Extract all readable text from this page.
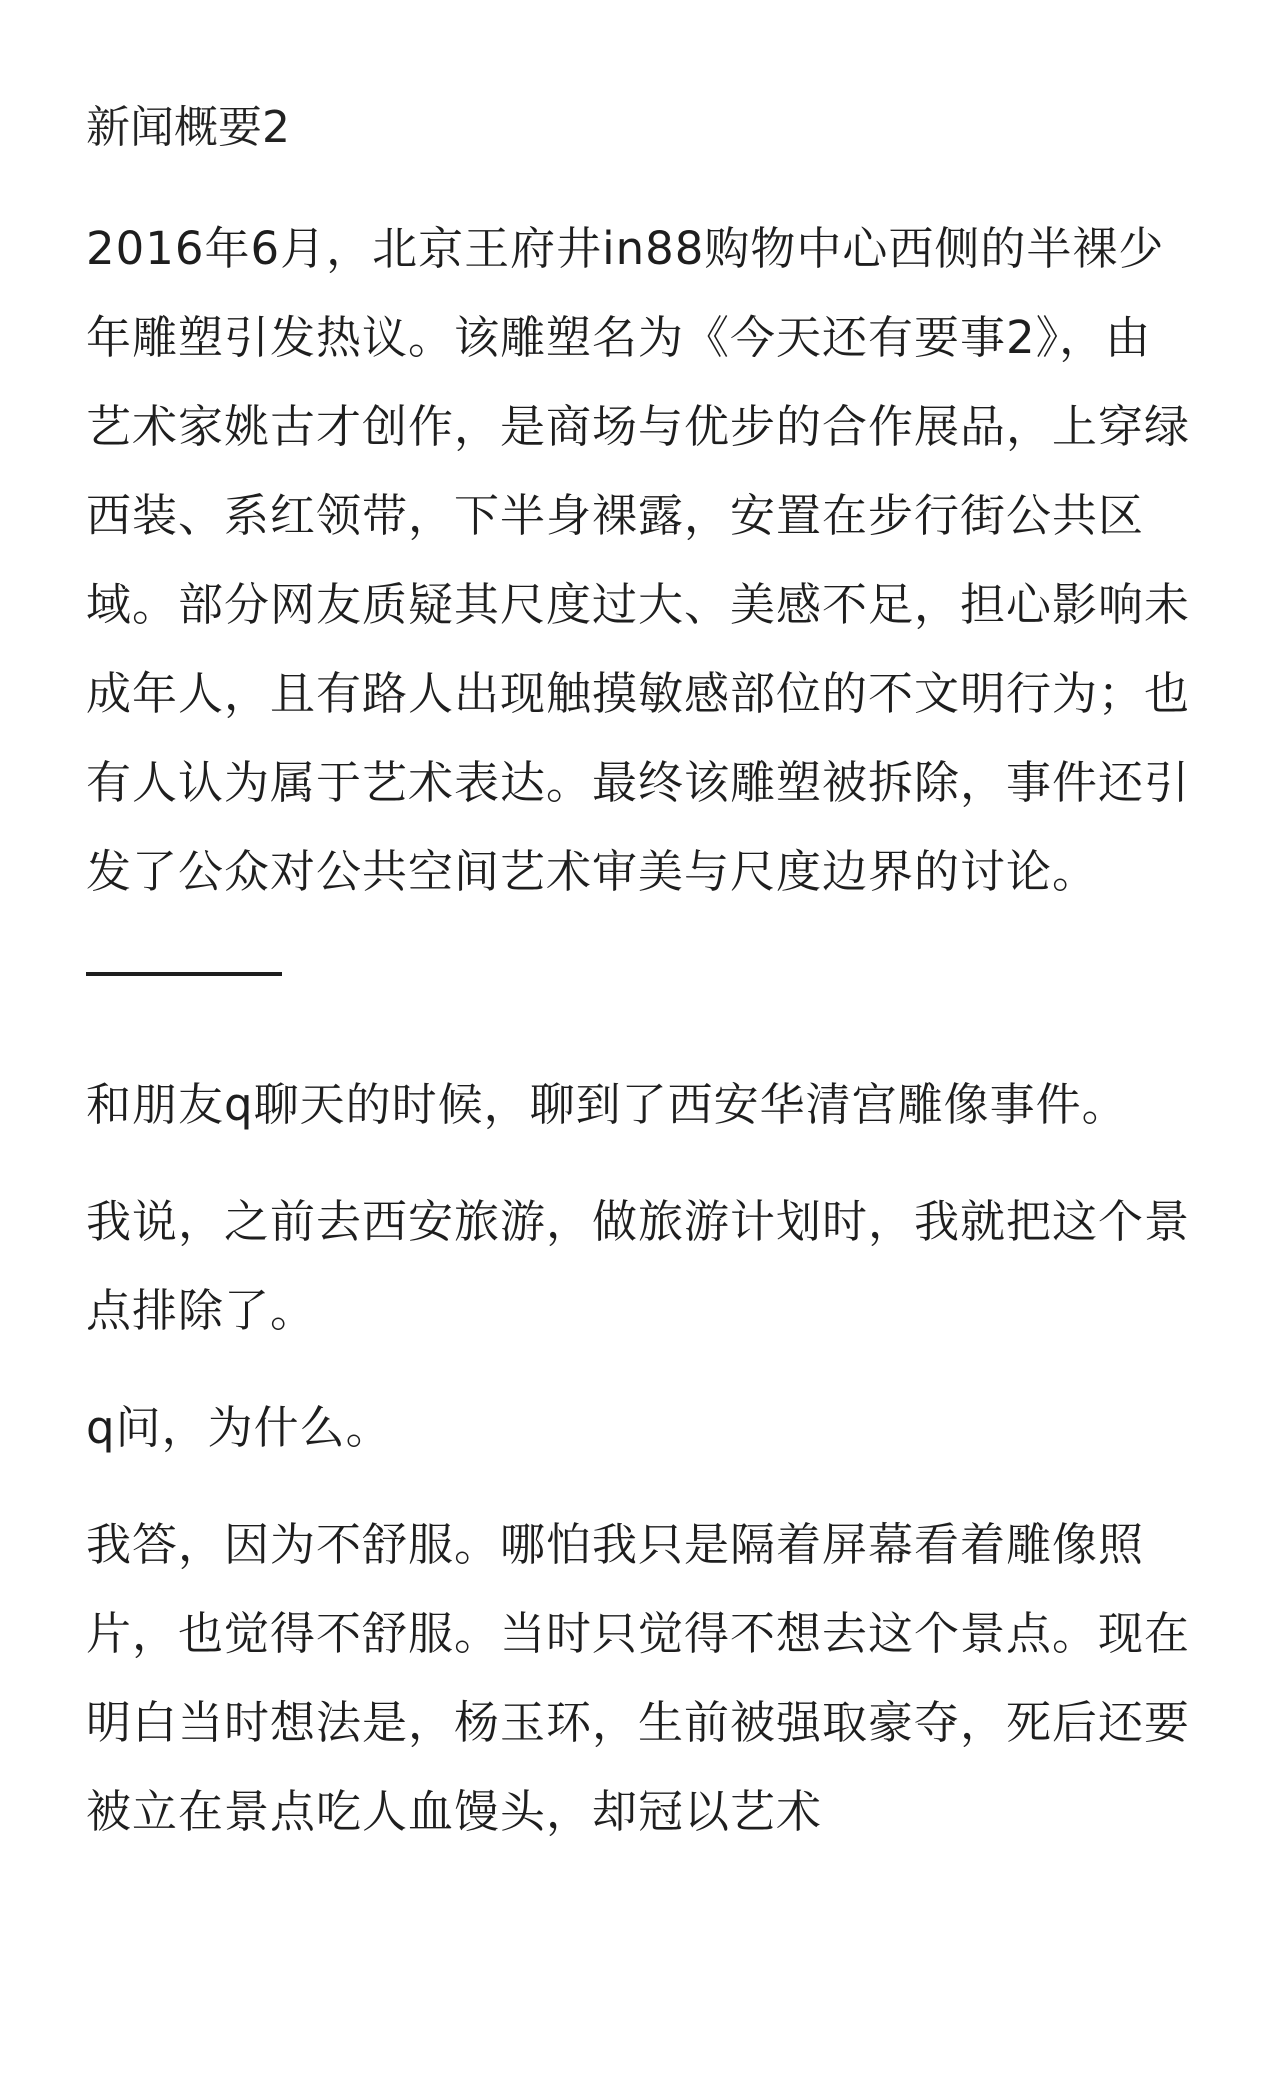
新闻概要2

2016年6月，北京王府井in88购物中心西侧的半裸少年雕塑引发热议。该雕塑名为《今天还有要事2》，由艺术家姚古才创作，是商场与优步的合作展品，上穿绿西装、系红领带，下半身裸露，安置在步行街公共区域。部分网友质疑其尺度过大、美感不足，担心影响未成年人，且有路人出现触摸敏感部位的不文明行为；也有人认为属于艺术表达。最终该雕塑被拆除，事件还引发了公众对公共空间艺术审美与尺度边界的讨论。

和朋友q聊天的时候，聊到了西安华清宫雕像事件。

我说，之前去西安旅游，做旅游计划时，我就把这个景点排除了。

q问，为什么。

我答，因为不舒服。哪怕我只是隔着屏幕看着雕像照片，也觉得不舒服。当时只觉得不想去这个景点。现在明白当时想法是，杨玉环，生前被强取豪夺，死后还要被立在景点吃人血馒头，却冠以艺术
